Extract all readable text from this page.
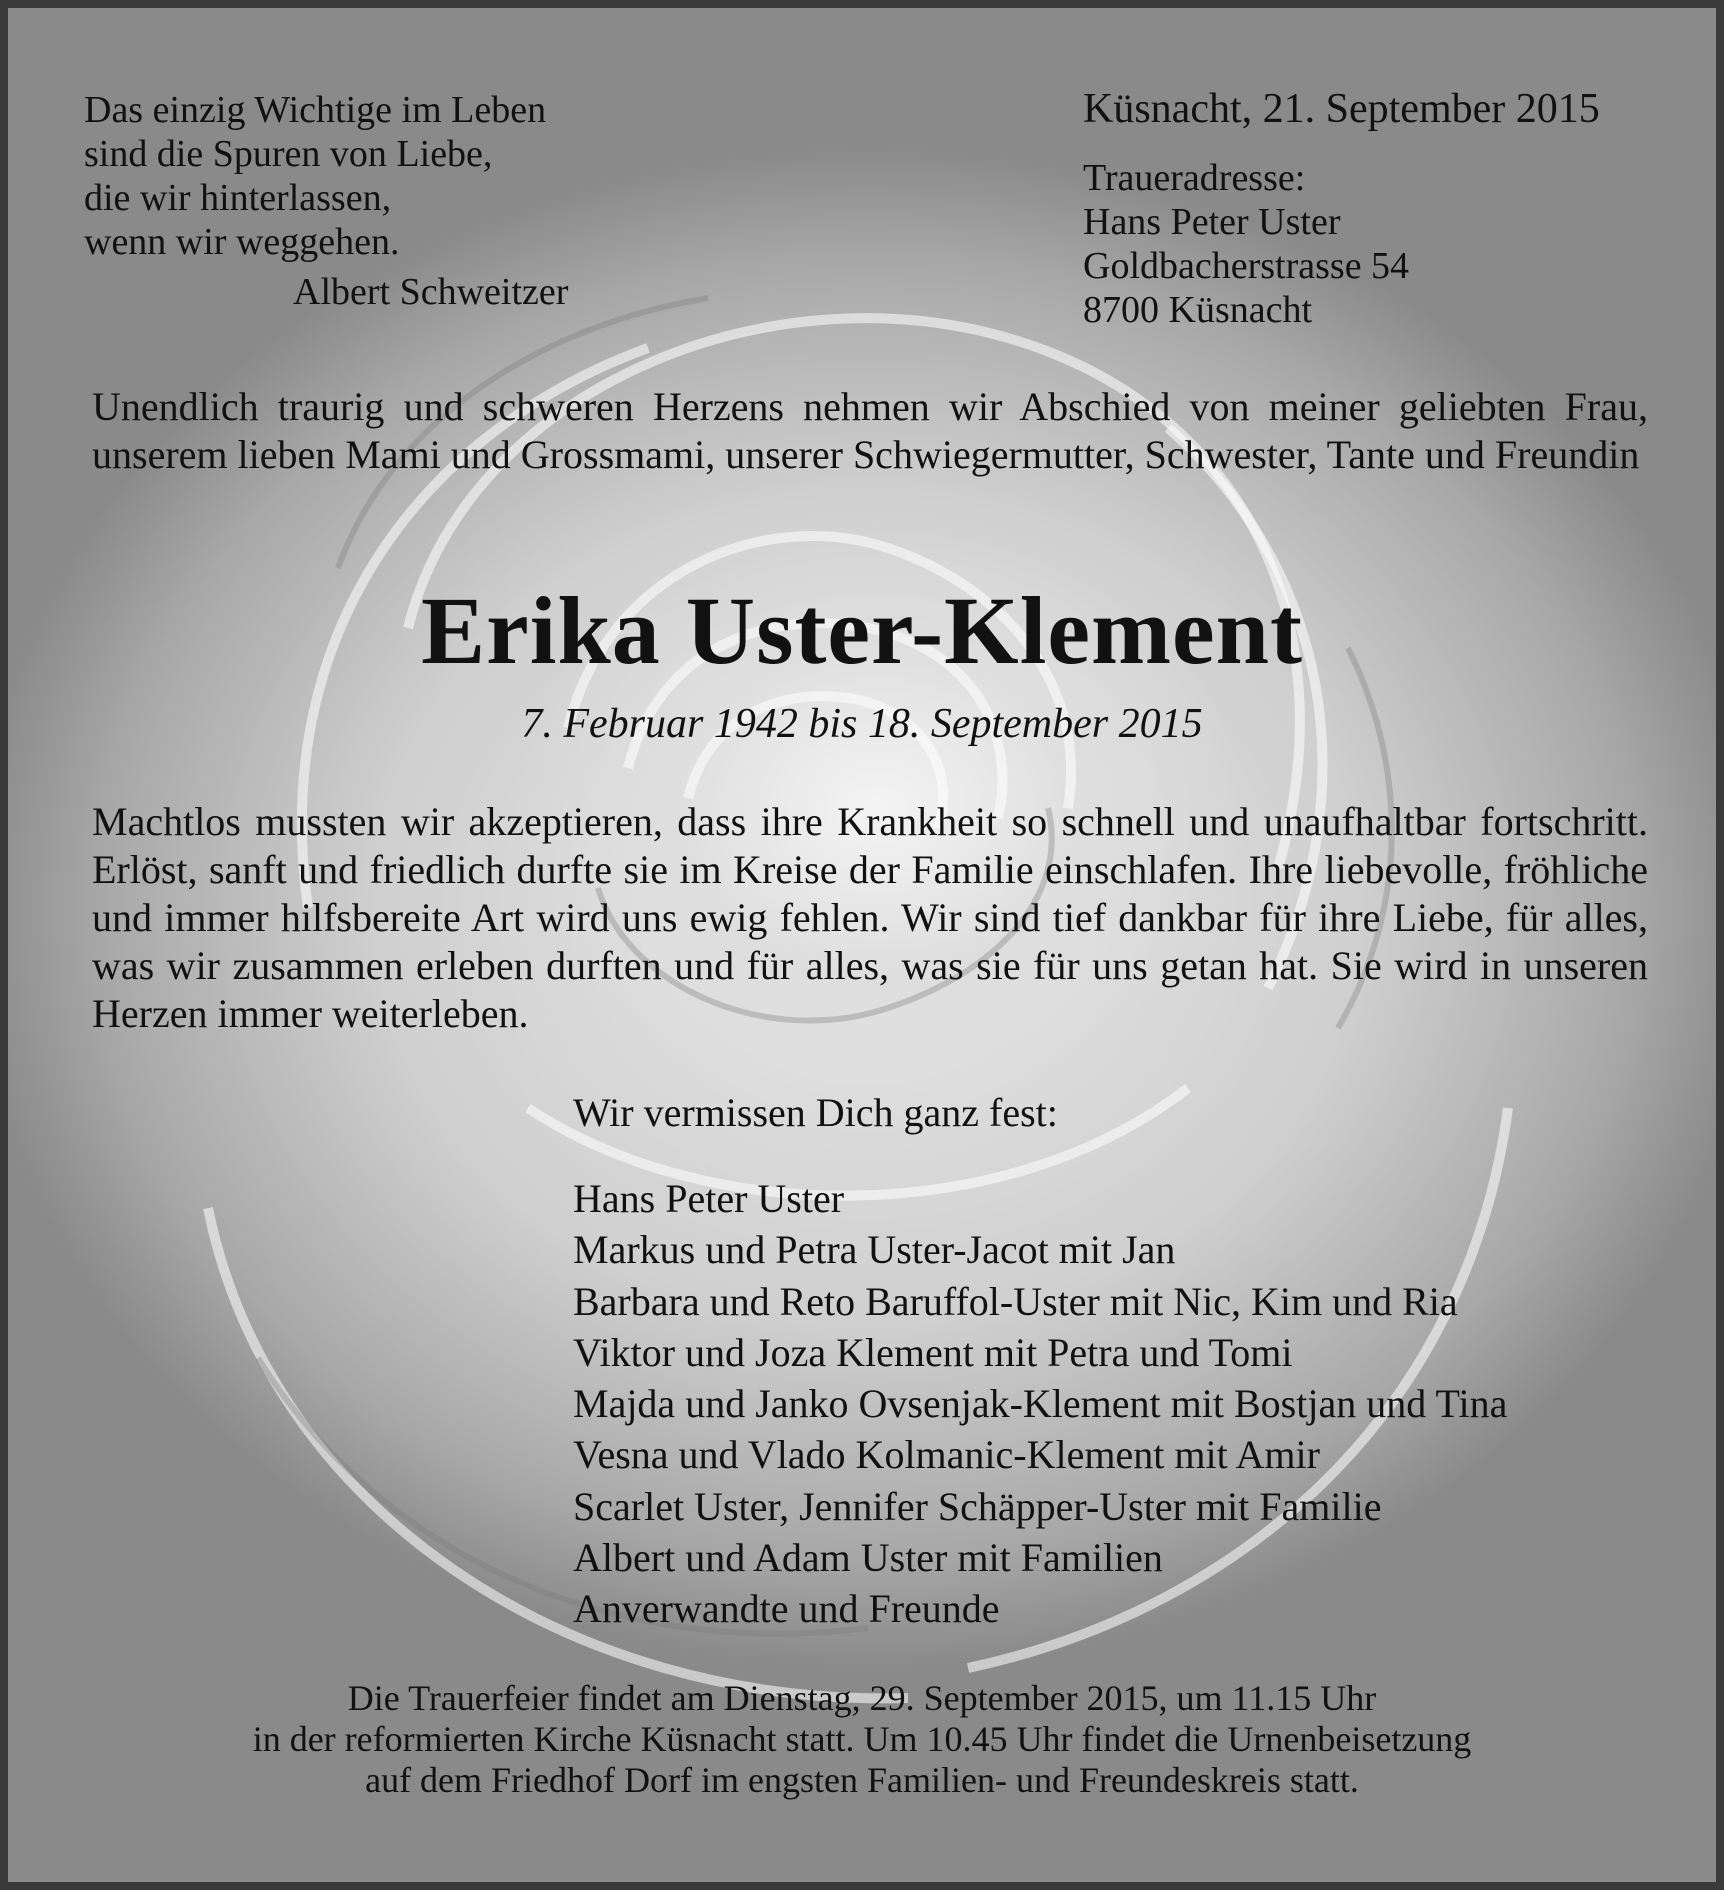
Das einzig Wichtige im Leben
sind die Spuren von Liebe,
die wir hinterlassen,
wenn wir weggehen.
Albert Schweitzer
Küsnacht, 21. September 2015
Traueradresse:
Hans Peter Uster
Goldbacherstrasse 54
8700 Küsnacht
Unendlich traurig und schweren Herzens nehmen wir Abschied von meiner geliebten Frau, unserem lieben Mami und Grossmami, unserer Schwiegermutter, Schwester, Tante und Freundin
Erika Uster-Klement
7. Februar 1942 bis 18. September 2015
Machtlos mussten wir akzeptieren, dass ihre Krankheit so schnell und unaufhaltbar fortschritt. Erlöst, sanft und friedlich durfte sie im Kreise der Familie einschlafen. Ihre liebevolle, fröhliche und immer hilfsbereite Art wird uns ewig fehlen. Wir sind tief dankbar für ihre Liebe, für alles, was wir zusammen erleben durften und für alles, was sie für uns getan hat. Sie wird in unseren Herzen immer weiterleben.
Wir vermissen Dich ganz fest:
Hans Peter Uster
Markus und Petra Uster-Jacot mit Jan
Barbara und Reto Baruffol-Uster mit Nic, Kim und Ria
Viktor und Joza Klement mit Petra und Tomi
Majda und Janko Ovsenjak-Klement mit Bostjan und Tina
Vesna und Vlado Kolmanic-Klement mit Amir
Scarlet Uster, Jennifer Schäpper-Uster mit Familie
Albert und Adam Uster mit Familien
Anverwandte und Freunde
Die Trauerfeier findet am Dienstag, 29. September 2015, um 11.15 Uhr
in der reformierten Kirche Küsnacht statt. Um 10.45 Uhr findet die Urnenbeisetzung
auf dem Friedhof Dorf im engsten Familien- und Freundeskreis statt.
